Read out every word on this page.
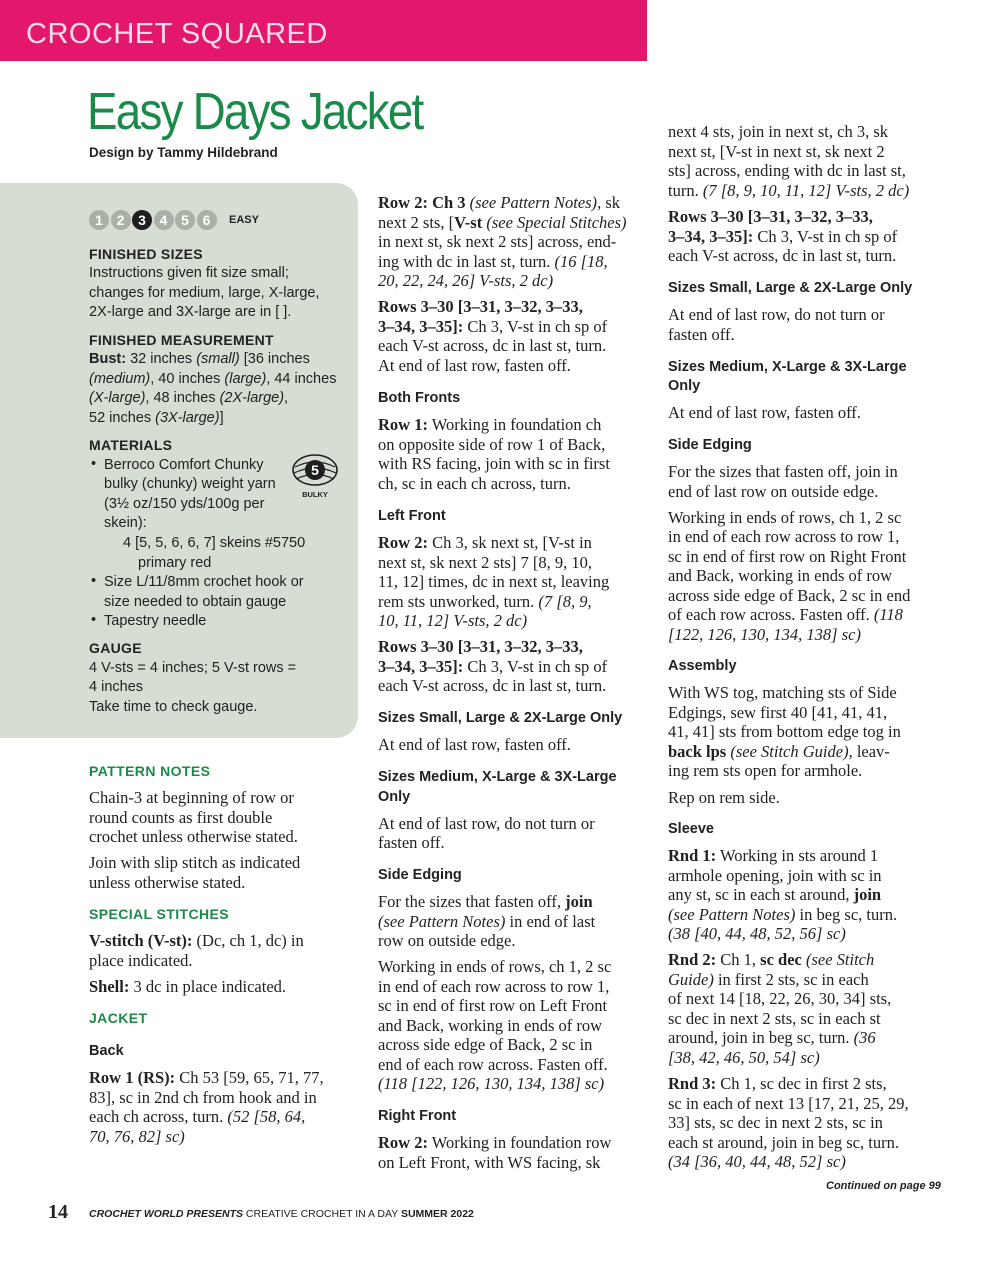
CROCHET SQUARED
Easy Days Jacket
Design by Tammy Hildebrand
1 2 3 4 5 6	EASY
FINISHED SIZES
Instructions given fit size small;
changes for medium, large, X-large,
2X-large and 3X-large are in [ ].
FINISHED MEASUREMENT
Bust: 32 inches (small) [36 inches
(medium), 40 inches (large), 44 inches
(X-large), 48 inches (2X-large),
52 inches (3X-large)]
MATERIALS
• Berroco Comfort Chunky
bulky (chunky) weight yarn
(3½ oz/150 yds/100g per
skein):
4 [5, 5, 6, 6, 7] skeins #5750
primary red
• Size L/11/8mm crochet hook or
size needed to obtain gauge
• Tapestry needle
5
BULKY
GAUGE
4 V-sts = 4 inches; 5 V-st rows =
4 inches
Take time to check gauge.
PATTERN NOTES
Chain-3 at beginning of row or
round counts as first double
crochet unless otherwise stated.
Join with slip stitch as indicated
unless otherwise stated.
SPECIAL STITCHES
V-stitch (V-st): (Dc, ch 1, dc) in
place indicated.
Shell: 3 dc in place indicated.
JACKET
Back
Row 1 (RS): Ch 53 [59, 65, 71, 77,
83], sc in 2nd ch from hook and in
each ch across, turn. (52 [58, 64,
70, 76, 82] sc)
Row 2: Ch 3 (see Pattern Notes), sk
next 2 sts, [V-st (see Special Stitches)
in next st, sk next 2 sts] across, end-
ing with dc in last st, turn. (16 [18,
20, 22, 24, 26] V-sts, 2 dc)
Rows 3–30 [3–31, 3–32, 3–33,
3–34, 3–35]: Ch 3, V-st in ch sp of
each V-st across, dc in last st, turn.
At end of last row, fasten off.
Both Fronts
Row 1: Working in foundation ch
on opposite side of row 1 of Back,
with RS facing, join with sc in first
ch, sc in each ch across, turn.
Left Front
Row 2: Ch 3, sk next st, [V-st in
next st, sk next 2 sts] 7 [8, 9, 10,
11, 12] times, dc in next st, leaving
rem sts unworked, turn. (7 [8, 9,
10, 11, 12] V-sts, 2 dc)
Rows 3–30 [3–31, 3–32, 3–33,
3–34, 3–35]: Ch 3, V-st in ch sp of
each V-st across, dc in last st, turn.
Sizes Small, Large & 2X-Large Only
At end of last row, fasten off.
Sizes Medium, X-Large & 3X-Large
Only
At end of last row, do not turn or
fasten off.
Side Edging
For the sizes that fasten off, join
(see Pattern Notes) in end of last
row on outside edge.
Working in ends of rows, ch 1, 2 sc
in end of each row across to row 1,
sc in end of first row on Left Front
and Back, working in ends of row
across side edge of Back, 2 sc in
end of each row across. Fasten off.
(118 [122, 126, 130, 134, 138] sc)
Right Front
Row 2: Working in foundation row
on Left Front, with WS facing, sk
next 4 sts, join in next st, ch 3, sk
next st, [V-st in next st, sk next 2
sts] across, ending with dc in last st,
turn. (7 [8, 9, 10, 11, 12] V-sts, 2 dc)
Rows 3–30 [3–31, 3–32, 3–33,
3–34, 3–35]: Ch 3, V-st in ch sp of
each V-st across, dc in last st, turn.
Sizes Small, Large & 2X-Large Only
At end of last row, do not turn or
fasten off.
Sizes Medium, X-Large & 3X-Large
Only
At end of last row, fasten off.
Side Edging
For the sizes that fasten off, join in
end of last row on outside edge.
Working in ends of rows, ch 1, 2 sc
in end of each row across to row 1,
sc in end of first row on Right Front
and Back, working in ends of row
across side edge of Back, 2 sc in end
of each row across. Fasten off. (118
[122, 126, 130, 134, 138] sc)
Assembly
With WS tog, matching sts of Side
Edgings, sew first 40 [41, 41, 41,
41, 41] sts from bottom edge tog in
back lps (see Stitch Guide), leav-
ing rem sts open for armhole.
Rep on rem side.
Sleeve
Rnd 1: Working in sts around 1
armhole opening, join with sc in
any st, sc in each st around, join
(see Pattern Notes) in beg sc, turn.
(38 [40, 44, 48, 52, 56] sc)
Rnd 2: Ch 1, sc dec (see Stitch
Guide) in first 2 sts, sc in each
of next 14 [18, 22, 26, 30, 34] sts,
sc dec in next 2 sts, sc in each st
around, join in beg sc, turn. (36
[38, 42, 46, 50, 54] sc)
Rnd 3: Ch 1, sc dec in first 2 sts,
sc in each of next 13 [17, 21, 25, 29,
33] sts, sc dec in next 2 sts, sc in
each st around, join in beg sc, turn.
(34 [36, 40, 44, 48, 52] sc)
Continued on page 99
14 CROCHET WORLD PRESENTS CREATIVE CROCHET IN A DAY SUMMER 2022
